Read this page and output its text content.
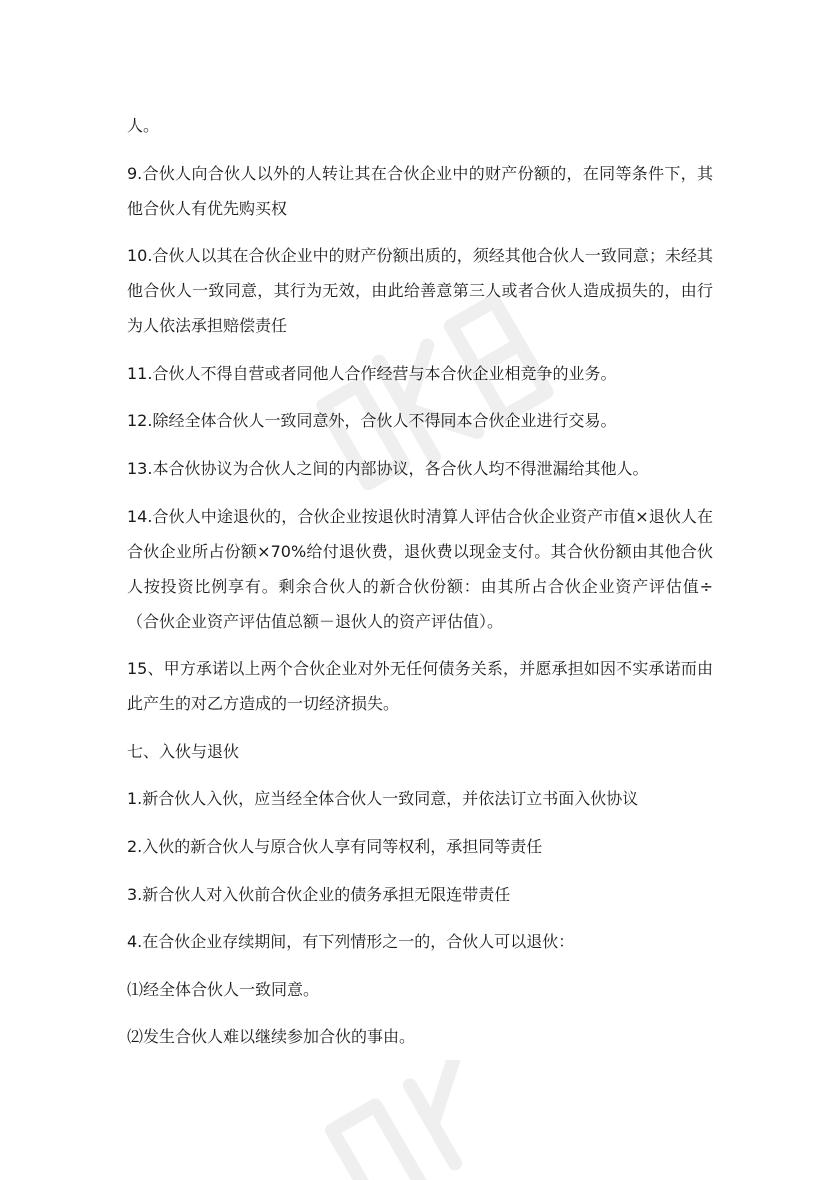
人。

9.合伙人向合伙人以外的人转让其在合伙企业中的财产份额的，在同等条件下，其他合伙人有优先购买权

10.合伙人以其在合伙企业中的财产份额出质的，须经其他合伙人一致同意；未经其他合伙人一致同意，其行为无效，由此给善意第三人或者合伙人造成损失的，由行为人依法承担赔偿责任

11.合伙人不得自营或者同他人合作经营与本合伙企业相竞争的业务。

12.除经全体合伙人一致同意外，合伙人不得同本合伙企业进行交易。

13.本合伙协议为合伙人之间的内部协议，各合伙人均不得泄漏给其他人。

14.合伙人中途退伙的，合伙企业按退伙时清算人评估合伙企业资产市值×退伙人在合伙企业所占份额×70%给付退伙费，退伙费以现金支付。其合伙份额由其他合伙人按投资比例享有。剩余合伙人的新合伙份额：由其所占合伙企业资产评估值÷（合伙企业资产评估值总额－退伙人的资产评估值）。

15、甲方承诺以上两个合伙企业对外无任何债务关系，并愿承担如因不实承诺而由此产生的对乙方造成的一切经济损失。

七、入伙与退伙

1.新合伙人入伙，应当经全体合伙人一致同意，并依法订立书面入伙协议

2.入伙的新合伙人与原合伙人享有同等权利，承担同等责任

3.新合伙人对入伙前合伙企业的债务承担无限连带责任

4.在合伙企业存续期间，有下列情形之一的，合伙人可以退伙：

⑴经全体合伙人一致同意。

⑵发生合伙人难以继续参加合伙的事由。
